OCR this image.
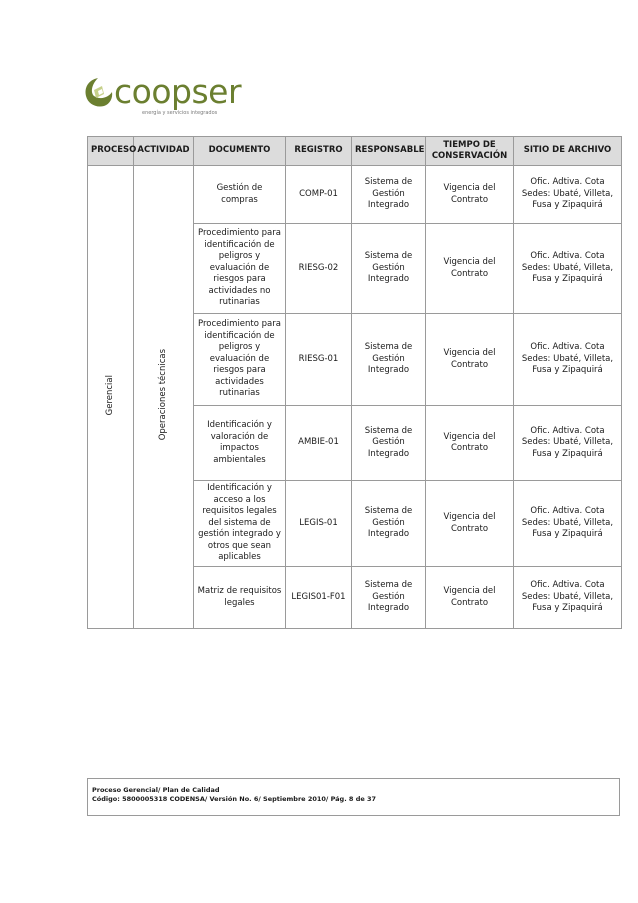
coopser
energía y servicios integrados
PROCESO	ACTIVIDAD	DOCUMENTO	REGISTRO	RESPONSABLE	TIEMPO DE CONSERVACIÓN	SITIO DE ARCHIVO
Gerencial	Operaciones técnicas	Gestión de compras	COMP-01	Sistema de Gestión Integrado	Vigencia del Contrato	Ofic. Adtiva. Cota Sedes: Ubaté, Villeta, Fusa y Zipaquirá
		Procedimiento para identificación de peligros y evaluación de riesgos para actividades no rutinarias	RIESG-02	Sistema de Gestión Integrado	Vigencia del Contrato	Ofic. Adtiva. Cota Sedes: Ubaté, Villeta, Fusa y Zipaquirá
		Procedimiento para identificación de peligros y evaluación de riesgos para actividades rutinarias	RIESG-01	Sistema de Gestión Integrado	Vigencia del Contrato	Ofic. Adtiva. Cota Sedes: Ubaté, Villeta, Fusa y Zipaquirá
		Identificación y valoración de impactos ambientales	AMBIE-01	Sistema de Gestión Integrado	Vigencia del Contrato	Ofic. Adtiva. Cota Sedes: Ubaté, Villeta, Fusa y Zipaquirá
		Identificación y acceso a los requisitos legales del sistema de gestión integrado y otros que sean aplicables	LEGIS-01	Sistema de Gestión Integrado	Vigencia del Contrato	Ofic. Adtiva. Cota Sedes: Ubaté, Villeta, Fusa y Zipaquirá
		Matriz de requisitos legales	LEGIS01-F01	Sistema de Gestión Integrado	Vigencia del Contrato	Ofic. Adtiva. Cota Sedes: Ubaté, Villeta, Fusa y Zipaquirá
Proceso Gerencial/ Plan de Calidad
Código: 5800005318 CODENSA/ Versión No. 6/ Septiembre 2010/ Pág. 8 de 37
